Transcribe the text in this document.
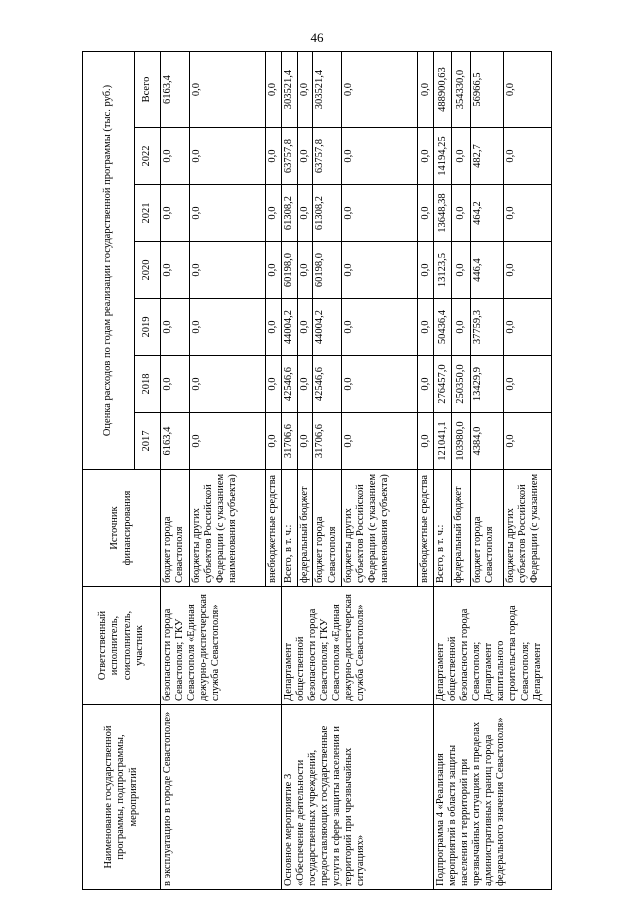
46
Наименование государственной программы, подпрограммы, мероприятий	Ответственный исполнитель, соисполнитель, участник	Источник финансирования	Оценка расходов по годам реализации государственной программы (тыс. руб.)						
			2017	2018	2019	2020	2021	2022	Всего
в эксплуатацию в городе Севастополе»	безопасности города Севастополя; ГКУ Севастополя «Единая дежурно-диспетчерская служба Севастополя»	бюджет города Севастополя	6163,4	0,0	0,0	0,0	0,0	0,0	6163,4
		бюджеты других субъектов Российской Федерации (с указанием наименования субъекта)	0,0	0,0	0,0	0,0	0,0	0,0	0,0
		внебюджетные средства	0,0	0,0	0,0	0,0	0,0	0,0	0,0
Основное мероприятие 3 «Обеспечение деятельности государственных учреждений, предоставляющих государственные услуги в сфере защиты населения и территорий при чрезвычайных ситуациях»	Департамент общественной безопасности города Севастополя; ГКУ Севастополя «Единая дежурно-диспетчерская служба Севастополя»	Всего, в т. ч.:	31706,6	42546,6	44004,2	60198,0	61308,2	63757,8	303521,4
		федеральный бюджет	0,0	0,0	0,0	0,0	0,0	0,0	0,0
		бюджет города Севастополя	31706,6	42546,6	44004,2	60198,0	61308,2	63757,8	303521,4
		бюджеты других субъектов Российской Федерации (с указанием наименования субъекта)	0,0	0,0	0,0	0,0	0,0	0,0	0,0
		внебюджетные средства	0,0	0,0	0,0	0,0	0,0	0,0	0,0
Подпрограмма 4 «Реализация мероприятий в области защиты населения и территорий при чрезвычайных ситуациях в пределах административных границ города федерального значения Севастополя»	Департамент общественной безопасности города Севастополя; Департамент капитального строительства города Севастополя; Департамент	Всего, в т. ч.:	121041,1	276457,0	50436,4	13123,5	13648,38	14194,25	488900,63
		федеральный бюджет	103980,0	250350,0	0,0	0,0	0,0	0,0	354330,0
		бюджет города Севастополя	4384,0	13429,9	37759,3	446,4	464,2	482,7	56966,5
		бюджеты других субъектов Российской Федерации (с указанием	0,0	0,0	0,0	0,0	0,0	0,0	0,0
